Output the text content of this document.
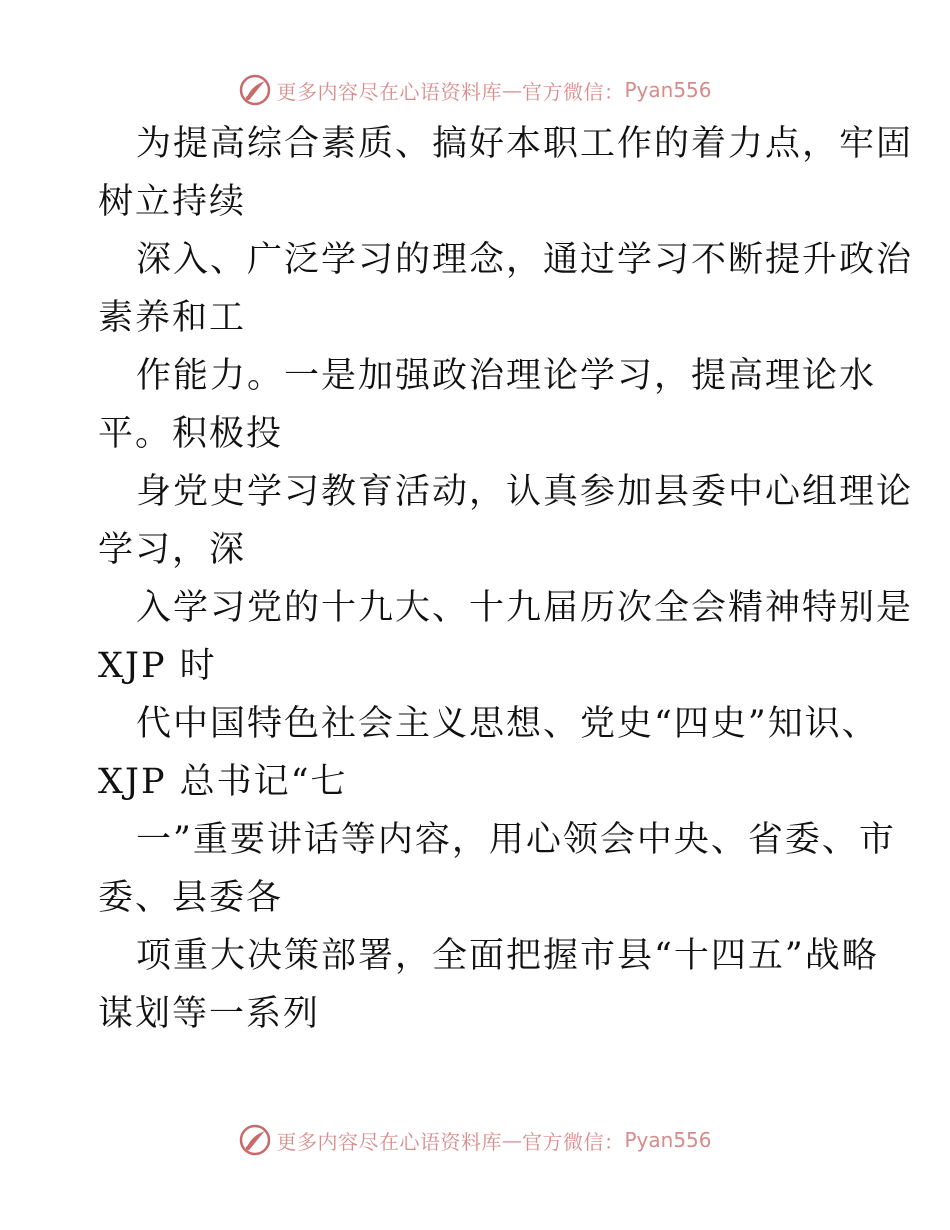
更多内容尽在心语资料库 — 官方微信： Pyan556
为提高综合素质、搞好本职工作的着力点，牢固
树立持续
深入、广泛学习的理念，通过学习不断提升政治
素养和工
作能力。一是加强政治理论学习，提高理论水
平。积极投
身党史学习教育活动，认真参加县委中心组理论
学习，深
入学习党的十九大、十九届历次全会精神特别是
XJP 时
代中国特色社会主义思想、党史“四史”知识、
XJP 总书记“七
一”重要讲话等内容，用心领会中央、省委、市
委、县委各
项重大决策部署，全面把握市县“十四五”战略
谋划等一系列
更多内容尽在心语资料库 — 官方微信： Pyan556
